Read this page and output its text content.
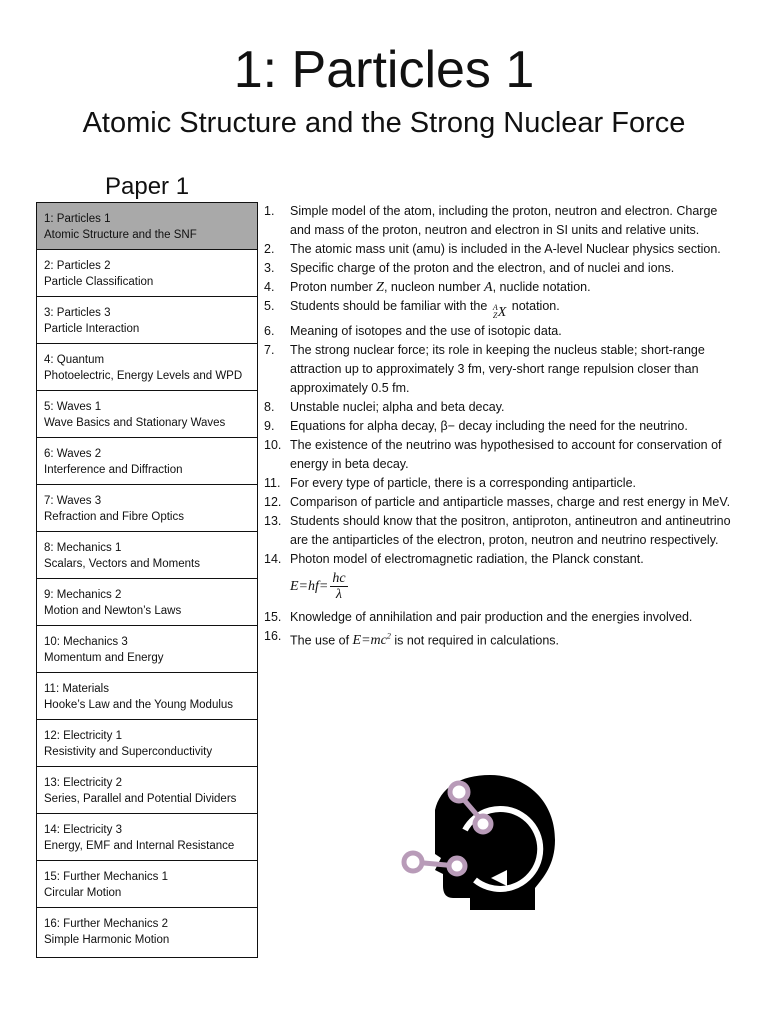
1: Particles 1
Atomic Structure and the Strong Nuclear Force
Paper 1
1: Particles 1
Atomic Structure and the SNF
2: Particles 2
Particle Classification
3: Particles 3
Particle Interaction
4: Quantum
Photoelectric, Energy Levels and WPD
5: Waves 1
Wave Basics and Stationary Waves
6: Waves 2
Interference and Diffraction
7: Waves 3
Refraction and Fibre Optics
8: Mechanics 1
Scalars, Vectors and Moments
9: Mechanics 2
Motion and Newton’s Laws
10: Mechanics 3
Momentum and Energy
11: Materials
Hooke’s Law and the Young Modulus
12: Electricity 1
Resistivity and Superconductivity
13: Electricity 2
Series, Parallel and Potential Dividers
14: Electricity 3
Energy, EMF and Internal Resistance
15: Further Mechanics 1
Circular Motion
16: Further Mechanics 2
Simple Harmonic Motion
1.	Simple model of the atom, including the proton, neutron and electron. Charge and mass of the proton, neutron and electron in SI units and relative units.
2.	The atomic mass unit (amu) is included in the A-level Nuclear physics section.
3.	Specific charge of the proton and the electron, and of nuclei and ions.
4.	Proton number Z, nucleon number A, nuclide notation.
5.	Students should be familiar with the A
Z X notation.
6.	Meaning of isotopes and the use of isotopic data.
7.	The strong nuclear force; its role in keeping the nucleus stable; short-range attraction up to approximately 3 fm, very-short range repulsion closer than approximately 0.5 fm.
8.	Unstable nuclei; alpha and beta decay.
9.	Equations for alpha decay, β− decay including the need for the neutrino.
10. The existence of the neutrino was hypothesised to account for conservation of energy in beta decay.
11. For every type of particle, there is a corresponding antiparticle.
12. Comparison of particle and antiparticle masses, charge and rest energy in MeV.
13. Students should know that the positron, antiproton, antineutron and antineutrino are the antiparticles of the electron, proton, neutron and neutrino respectively.
14. Photon model of electromagnetic radiation, the Planck constant.
$E=hf= \frac{hc}{\lambda}$
15. Knowledge of annihilation and pair production and the energies involved.
16. The use of $E=mc^2$ is not required in calculations.
